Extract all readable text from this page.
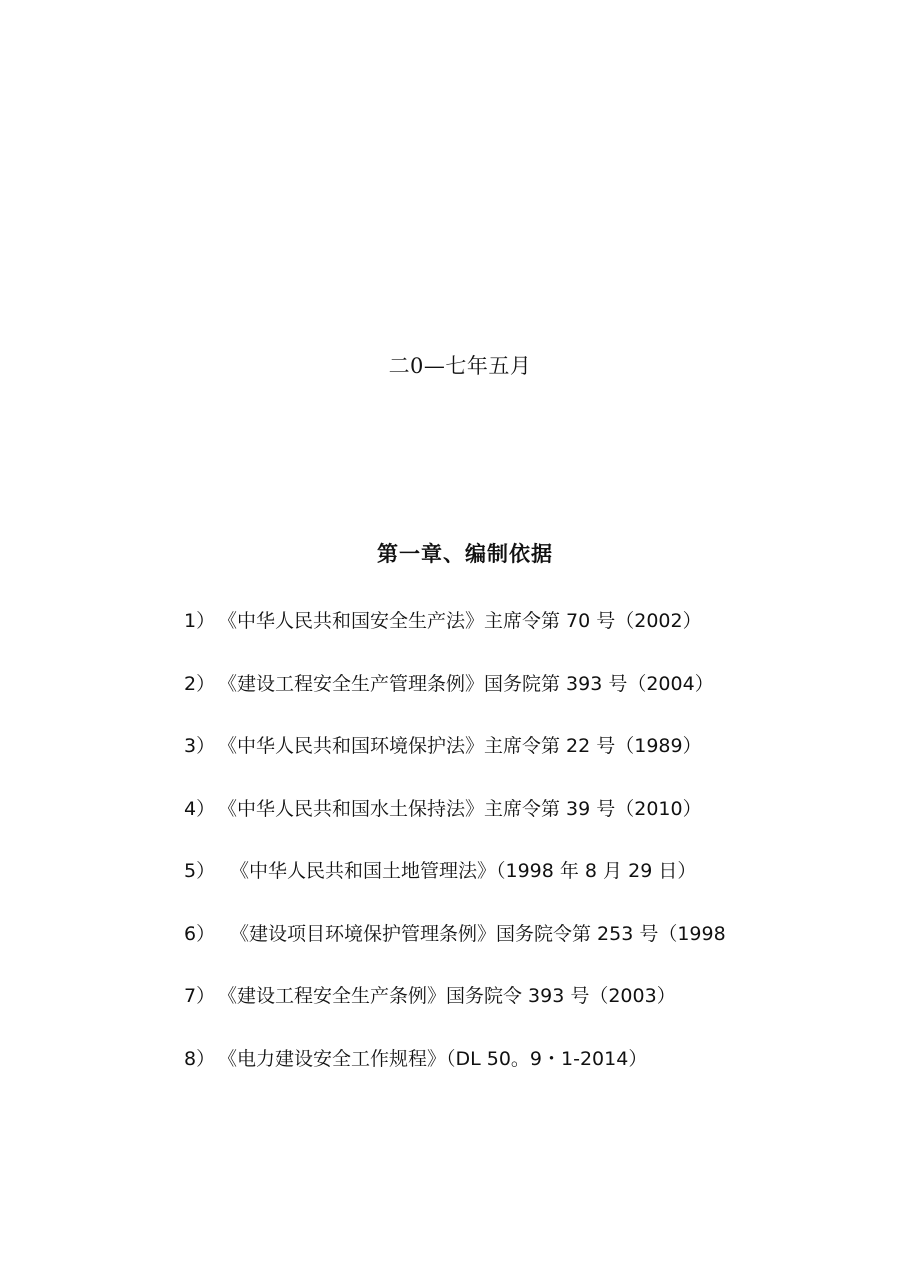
二0—七年五月
第一章、编制依据
1） 《中华人民共和国安全生产法》主席令第 70 号（2002）
2） 《建设工程安全生产管理条例》国务院第 393 号（2004）
3） 《中华人民共和国环境保护法》主席令第 22 号（1989）
4） 《中华人民共和国水土保持法》主席令第 39 号（2010）
5） 《中华人民共和国土地管理法》（1998 年 8 月 29 日）
6） 《建设项目环境保护管理条例》国务院令第 253 号（1998
7） 《建设工程安全生产条例》国务院令 393 号（2003）
8） 《电力建设安全工作规程》（DL 50。9・1-2014）
